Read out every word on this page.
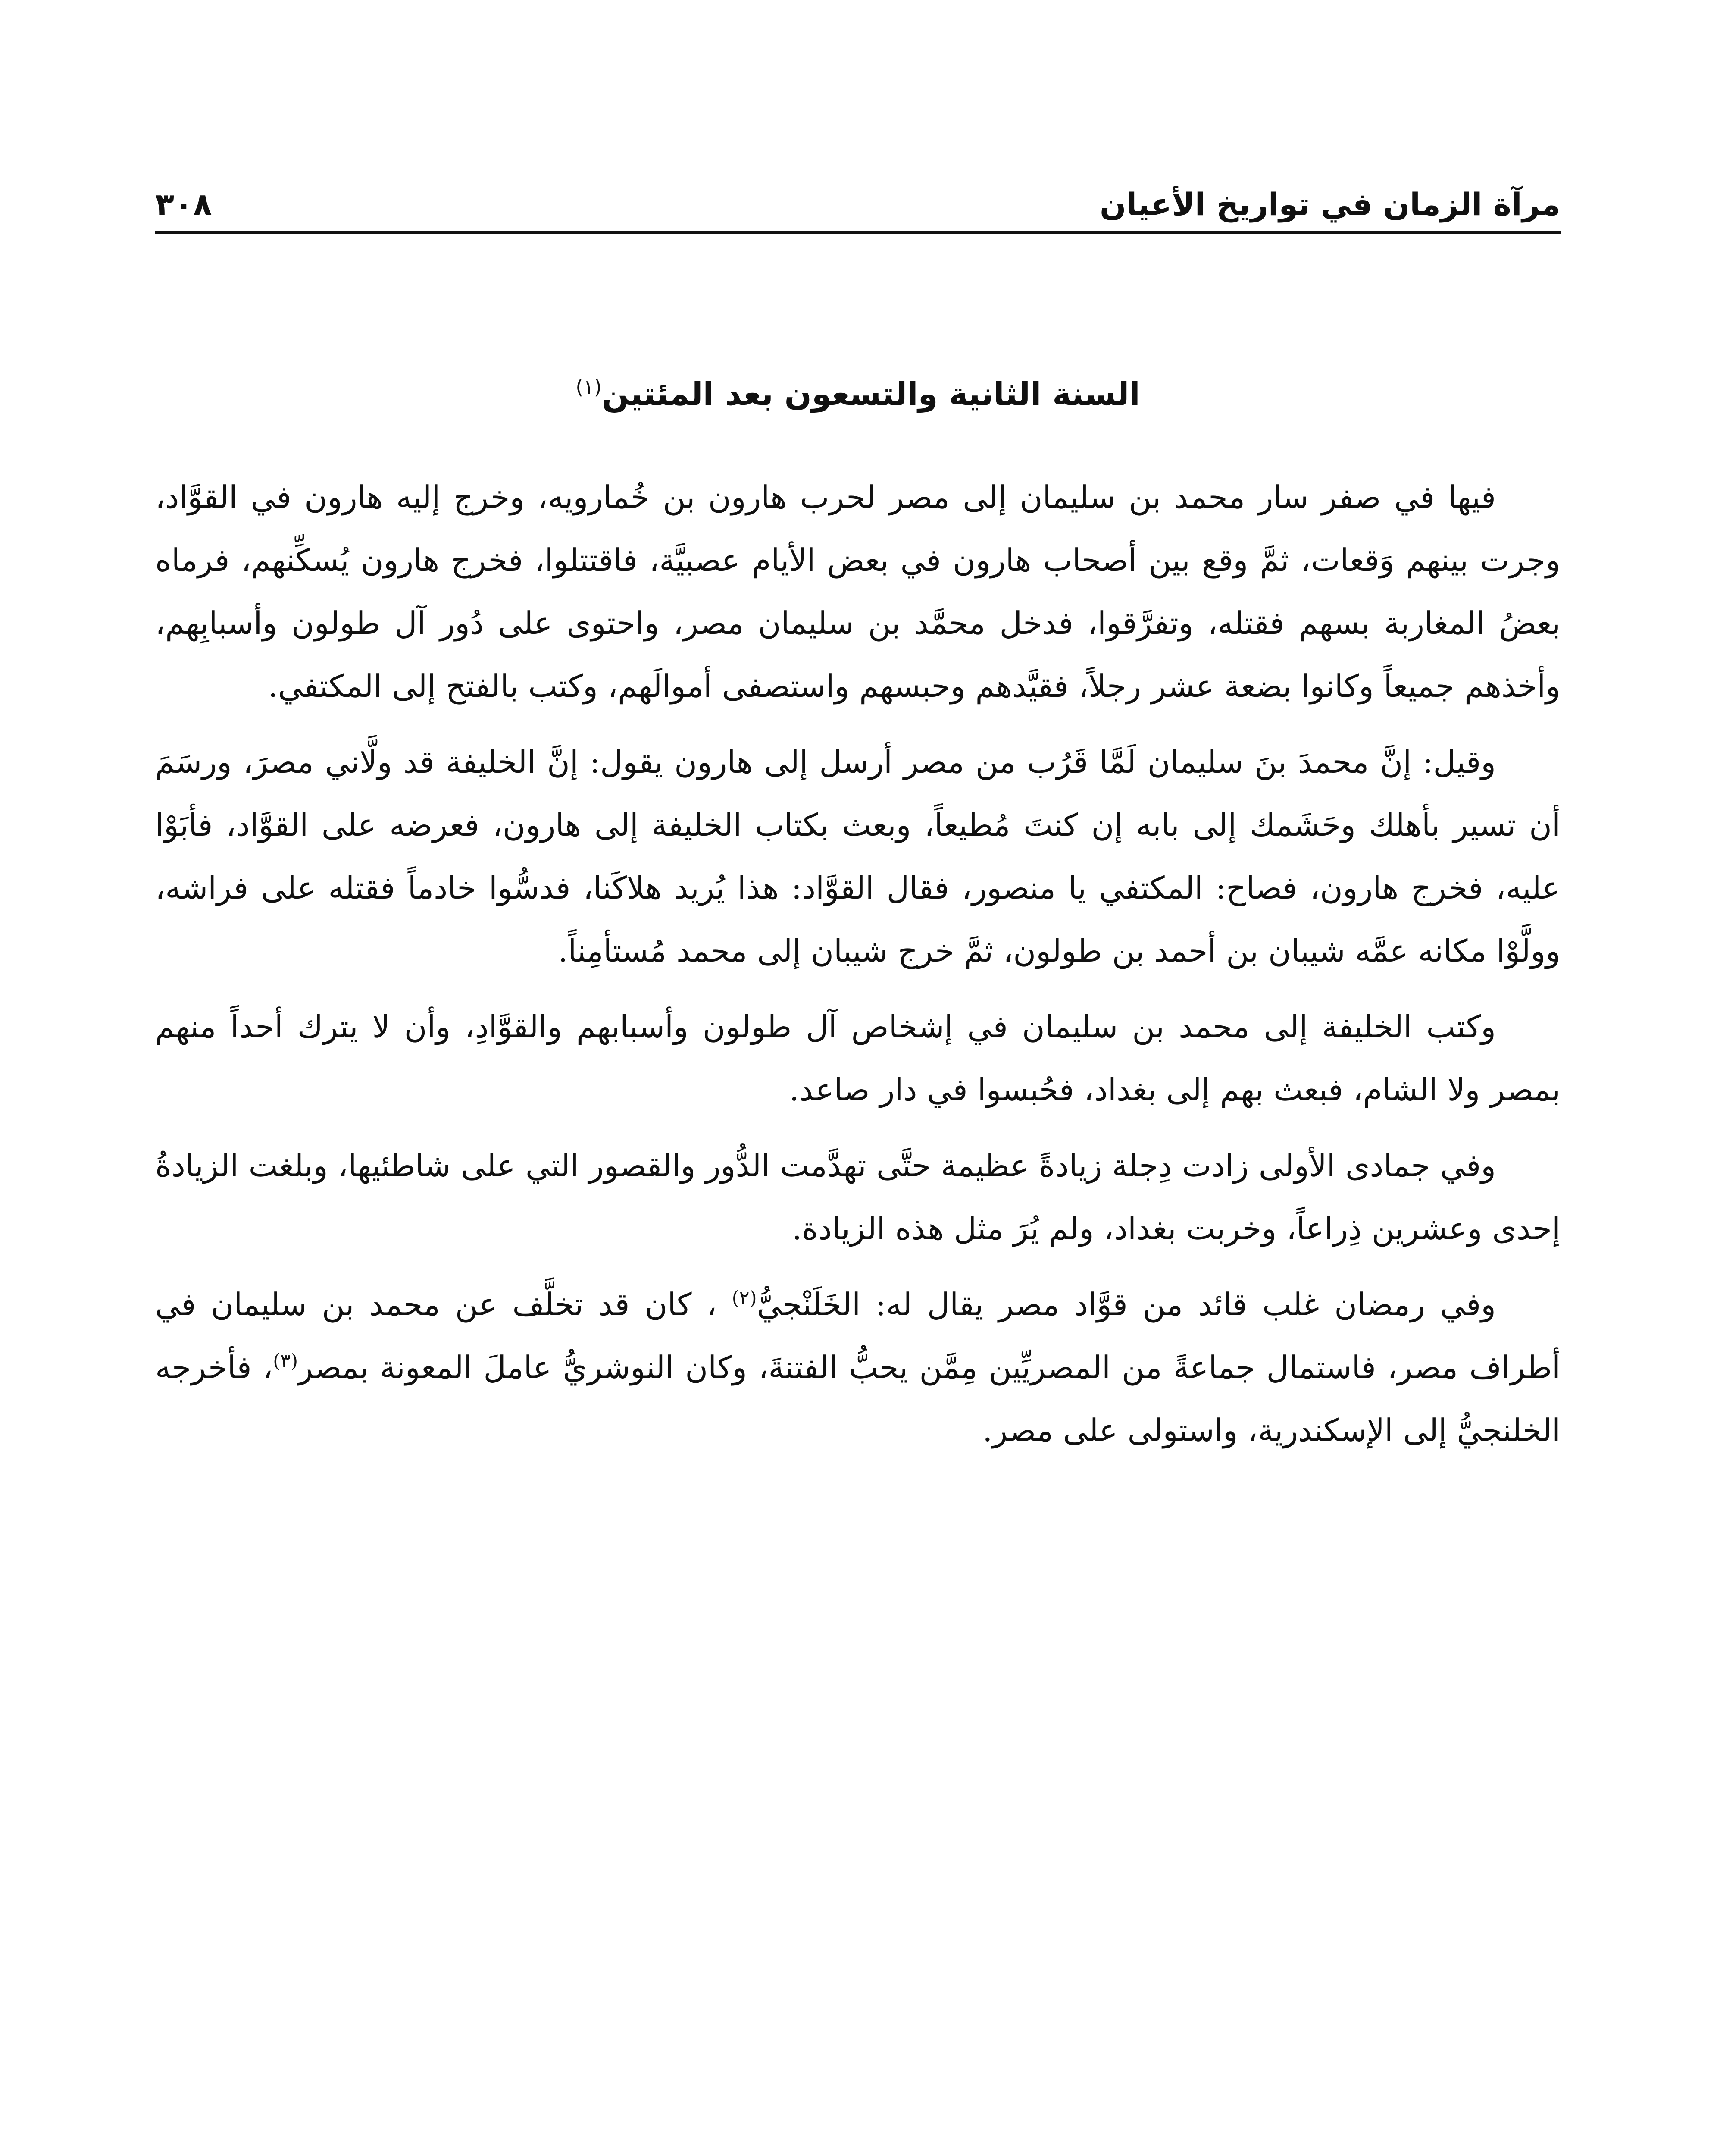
مرآة الزمان في تواريخ الأعيان
٣٠٨
السنة الثانية والتسعون بعد المئتين$^{(١)}$

فيها في صفر سار محمد بن سليمان إلى مصر لحرب هارون بن خُمارويه، وخرج إليه هارون في القوَّاد، وجرت بينهم وَقعات، ثمَّ وقع بين أصحاب هارون في بعض الأيام عصبيَّة، فاقتتلوا، فخرج هارون يُسكِّنهم، فرماه بعضُ المغاربة بسهم فقتله، وتفرَّقوا، فدخل محمَّد بن سليمان مصر، واحتوى على دُور آل طولون وأسبابِهم، وأخذهم جميعاً وكانوا بضعة عشر رجلاً، فقيَّدهم وحبسهم واستصفى أموالَهم، وكتب بالفتح إلى المكتفي.

وقيل: إنَّ محمدَ بنَ سليمان لَمَّا قَرُب من مصر أرسل إلى هارون يقول: إنَّ الخليفة قد ولَّاني مصرَ، ورسَمَ أن تسير بأهلك وحَشَمك إلى بابه إن كنتَ مُطيعاً، وبعث بكتاب الخليفة إلى هارون، فعرضه على القوَّاد، فأبَوْا عليه، فخرج هارون، فصاح: المكتفي يا منصور، فقال القوَّاد: هذا يُريد هلاكَنا، فدسُّوا خادماً فقتله على فراشه، وولَّوْا مكانه عمَّه شيبان بن أحمد بن طولون، ثمَّ خرج شيبان إلى محمد مُستأمِناً.

وكتب الخليفة إلى محمد بن سليمان في إشخاص آل طولون وأسبابهم والقوَّادِ، وأن لا يترك أحداً منهم بمصر ولا الشام، فبعث بهم إلى بغداد، فحُبسوا في دار صاعد.

وفي جمادى الأولى زادت دِجلة زيادةً عظيمة حتَّى تهدَّمت الدُّور والقصور التي على شاطئيها، وبلغت الزيادةُ إحدى وعشرين ذِراعاً، وخربت بغداد، ولم يُرَ مثل هذه الزيادة.

وفي رمضان غلب قائد من قوَّاد مصر يقال له: الخَلَنْجيُّ$^{(٢)}$ ، كان قد تخلَّف عن محمد بن سليمان في أطراف مصر، فاستمال جماعةً من المصريِّين مِمَّن يحبُّ الفتنةَ، وكان النوشريُّ عاملَ المعونة بمصر$^{(٣)}$، فأخرجه الخلنجيُّ إلى الإسكندرية، واستولى على مصر.
